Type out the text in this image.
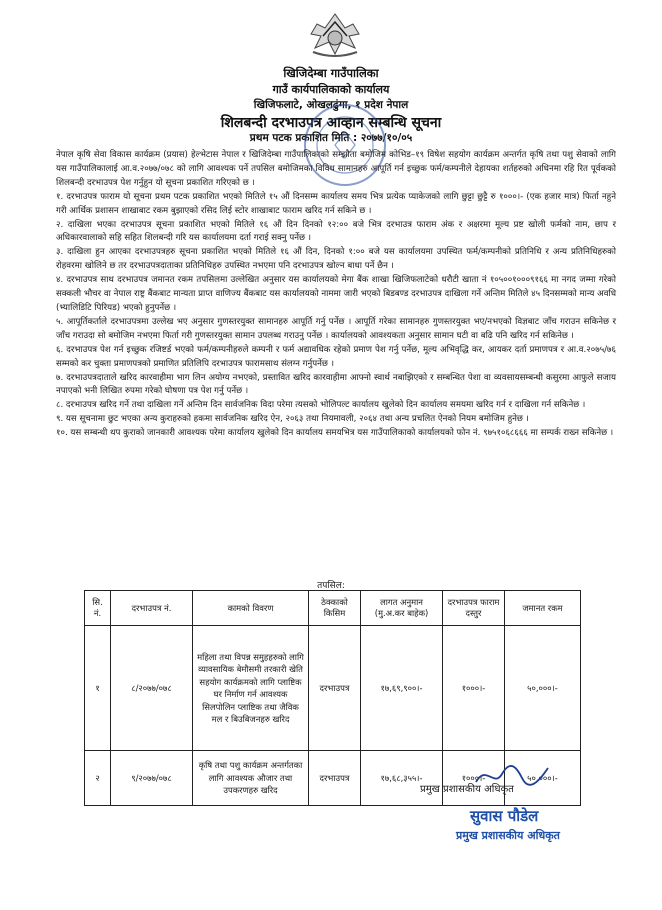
खिजिदेम्बा गाउँपालिका
गाउँ कार्यपालिकाको कार्यालय
खिजिफलाटे, ओखलढुंगा, १ प्रदेश नेपाल
शिलबन्दी दरभाउपत्र आव्हान सम्बन्धि सूचना
प्रथम पटक प्रकाशित मिति : २०७७/१०/०५

नेपाल कृषि सेवा विकास कार्यक्रम (प्रयास) हेल्भेटास नेपाल र खिजिदेम्बा गाउँपालिकाको सम्झौता बमोजिम कोभिड–१९ विषेश सहयोग कार्यक्रम अन्तर्गत कृषि तथा पशु सेवाको लागि यस गाउँपालिकालाई आ.व.२०७७/०७८ को लागि आवश्यक पर्ने तपसिल बमोजिमका विविध सामानहरु आपूर्ति गर्न इच्छुक फर्म/कम्पनीले देहायका शर्तहरुको अधिनमा रहि रित पूर्वकको शिलबन्दी दरभाउपत्र पेश गर्नुहुन यो सूचना प्रकाशित गरिएको छ ।

१. दरभाउपत्र फाराम यो सूचना प्रथम पटक प्रकाशित भएको मितिले १५ औं दिनसम्म कार्यालय समय भित्र प्रत्येक प्याकेजको लागि छुट्टा छुट्टै रु १०००।- (एक हजार मात्र) फिर्ता नहुने गरी आर्थिक प्रशासन शाखाबाट रकम बुझाएको रसिद लिई स्टोर शाखाबाट फाराम खरिद गर्न सकिने छ ।

२. दाखिला भएका दरभाउपत्र सूचना प्रकाशित भएको मितिले १६ औं दिन दिनको १२:०० बजे भित्र दरभाउत्र फाराम अंक र अक्षरमा मूल्य प्रष्ट खोली फर्मको नाम, छाप र अधिकारवालाको सहि सहित शिलबन्दी गरि यस कार्यालयमा दर्ता गराई सक्नु पर्नेछ ।

३. दाखिला हुन आएका दरभाउपत्रहरु सूचना प्रकाशित भएको मितिले १६ औं दिन, दिनको १:०० बजे यस कार्यालयमा उपस्थित फर्म/कम्पनीको प्रतिनिधि र अन्य प्रतिनिधिहरुको रोहवरमा खोलिने छ तर दरभाउपत्रदाताका प्रतिनिधिहरु उपस्थित नभएमा पनि दरभाउपत्र खोल्न बाधा पर्ने छैन ।

४. दरभाउपत्र साथ दरभाउपत्र जमानत रकम तपसिलमा उल्लेखित अनुसार यस कार्यालयको मेगा बैंक शाखा खिजिफलाटेको धरौटी खाता नं १०५००१०००९१६६ मा नगद जम्मा गरेको सक्कली भौचर वा नेपाल राष्ट्र बैंकबाट मान्यता प्राप्त वाणिज्य बैंकबाट यस कार्यालयको नाममा जारी भएको बिडबण्ड दरभाउपत्र दाखिला गर्ने अन्तिम मितिले ४५ दिनसम्मको मान्य अवधि (भ्यालिडिटि पिरियड) भएको हुनुपर्नेछ ।

५. आपूर्तिकर्ताले दरभाउपत्रमा उल्लेख भए अनुसार गुणस्तरयुक्त सामानहरु आपूर्ति गर्नु पर्नेछ । आपूर्ति गरेका सामानहरु गुणस्तरयुक्त भए/नभएको विज्ञबाट जाँच गराउन सकिनेछ र जाँच गराउदा सो बमोजिम नभएमा फिर्ता गरी गुणस्तरयुक्त सामान उपलब्ध गराउनु पर्नेछ । कार्यालयको आवश्यकता अनुसार सामान घटी वा बढि पनि खरिद गर्न सकिनेछ ।

६. दरभाउपत्र पेश गर्न इच्छुक रजिष्टर्ड भएको फर्म/कम्पनीहरुले कम्पनी र फर्म अद्यावधिक रहेको प्रमाण पेश गर्नु पर्नेछ, मूल्य अभिवृद्धि कर, आयकर दर्ता प्रमाणपत्र र आ.व.२०७५/७६ सम्मको कर चुक्ता प्रमाणपत्रको प्रमाणित प्रतिलिपि दरभाउपत्र फारामसाथ संलग्न गर्नुपर्नेछ ।

७. दरभाउपत्रदाताले खरिद कारवाहीमा भाग लिन अयोग्य नभएको, प्रस्तावित खरिद कारवाहीमा आफ्नो स्वार्थ नबाझिएको र सम्बन्धित पेशा वा व्यवसायसम्बन्धी कसुरमा आफुले सजाय नपाएको भनी लिखित रुपमा गरेको घोषणा पत्र पेश गर्नु पर्नेछ ।

८. दरभाउपत्र खरिद गर्ने तथा दाखिला गर्ने अन्तिम दिन सार्वजनिक विदा परेमा त्यसको भोलिपल्ट कार्यालय खुलेको दिन कार्यालय समयमा खरिद गर्न र दाखिला गर्न सकिनेछ ।

९. यस सूचनामा छुट भएका अन्य कुराहरुको हकमा सार्वजनिक खरिद ऐन, २०६३ तथा नियमावली, २०६४ तथा अन्य प्रचलित ऐनको नियम बमोजिम हुनेछ ।

१०. यस सम्बन्धी थप कुराको जानकारी आवश्यक परेमा कार्यालय खुलेको दिन कार्यालय समयभित्र यस गाउँपालिकाको कार्यालयको फोन नं. ९७५१०६८६६६ मा सम्पर्क राख्न सकिनेछ ।

तपसिल:
सि. नं.	दरभाउपत्र नं.	कामको विवरण	ठेक्काको किसिम	लागत अनुमान (मु.अ.कर बाहेक)	दरभाउपत्र फाराम दस्तुर	जमानत रकम
१	८/२०७७/०७८	महिला तथा विपन्न समुहहरुको लागि व्यावसायिक बेमौसमी तरकारी खेति सहयोग कार्यक्रमको लागि प्लाष्टिक घर निर्माण गर्न आवश्यक सिलपोलिन प्लाष्टिक तथा जैविक मल र बिउबिजनहरु खरिद	दरभाउपत्र	१७,६९,९००।-	१०००।-	५०,०००।-
२	९/२०७७/०७८	कृषि तथा पशु कार्यक्रम अन्तर्गतका लागि आवश्यक औजार तथा उपकरणहरु खरिद	दरभाउपत्र	१७,६८,३५५।-	१०००।-	५०,०००।-
प्रमुख प्रशासकीय अधिकृत
सुवास पौडेल
प्रमुख प्रशासकीय अधिकृत
